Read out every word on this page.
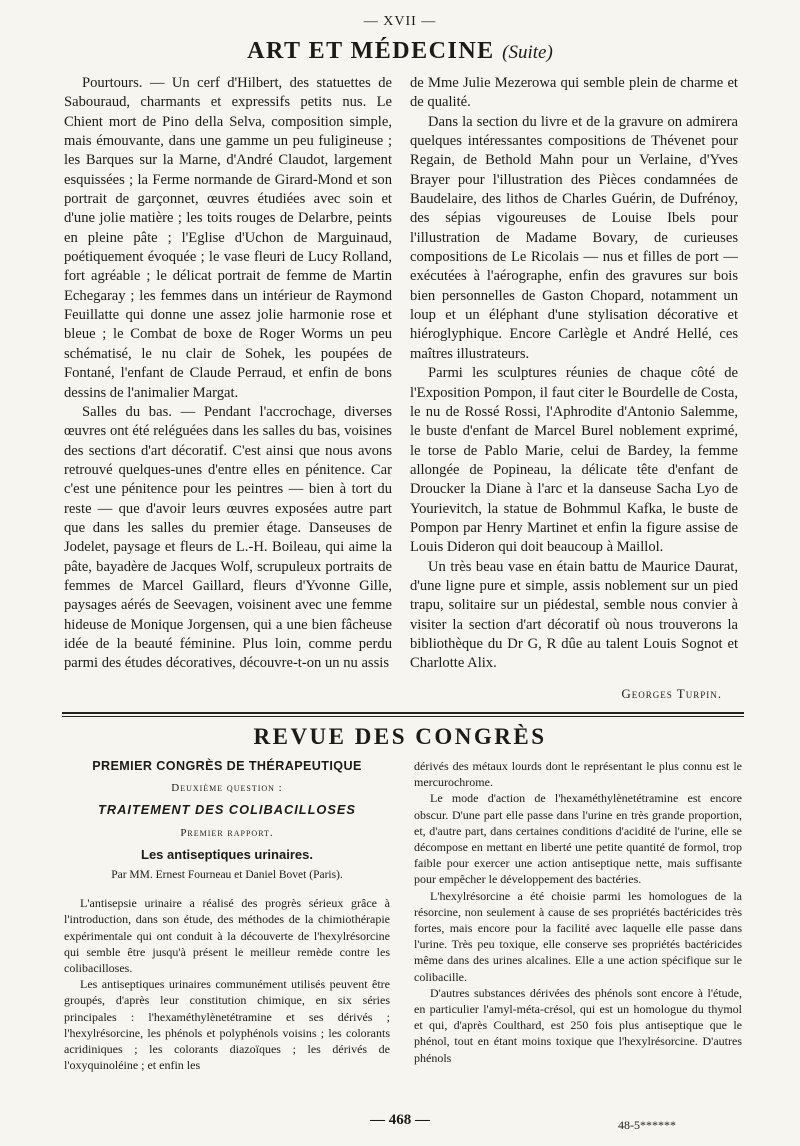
— XVII —
ART ET MÉDECINE (Suite)

Pourtours. — Un cerf d'Hilbert, des statuettes de Sabouraud, charmants et expressifs petits nus. Le Chient mort de Pino della Selva, composition simple, mais émouvante, dans une gamme un peu fuligineuse ; les Barques sur la Marne, d'André Claudot, largement esquissées ; la Ferme normande de Girard-Mond et son portrait de garçonnet, œuvres étudiées avec soin et d'une jolie matière ; les toits rouges de Delarbre, peints en pleine pâte ; l'Eglise d'Uchon de Marguinaud, poétiquement évoquée ; le vase fleuri de Lucy Rolland, fort agréable ; le délicat portrait de femme de Martin Echegaray ; les femmes dans un intérieur de Raymond Feuillatte qui donne une assez jolie harmonie rose et bleue ; le Combat de boxe de Roger Worms un peu schématisé, le nu clair de Sohek, les poupées de Fontané, l'enfant de Claude Perraud, et enfin de bons dessins de l'animalier Margat.

Salles du bas. — Pendant l'accrochage, diverses œuvres ont été reléguées dans les salles du bas, voisines des sections d'art décoratif. C'est ainsi que nous avons retrouvé quelques-unes d'entre elles en pénitence. Car c'est une pénitence pour les peintres — bien à tort du reste — que d'avoir leurs œuvres exposées autre part que dans les salles du premier étage. Danseuses de Jodelet, paysage et fleurs de L.-H. Boileau, qui aime la pâte, bayadère de Jacques Wolf, scrupuleux portraits de femmes de Marcel Gaillard, fleurs d'Yvonne Gille, paysages aérés de Seevagen, voisinent avec une femme hideuse de Monique Jorgensen, qui a une bien fâcheuse idée de la beauté féminine. Plus loin, comme perdu parmi des études décoratives, découvre-t-on un nu assis

de Mme Julie Mezerowa qui semble plein de charme et de qualité.

Dans la section du livre et de la gravure on admirera quelques intéressantes compositions de Thévenet pour Regain, de Bethold Mahn pour un Verlaine, d'Yves Brayer pour l'illustration des Pièces condamnées de Baudelaire, des lithos de Charles Guérin, de Dufrénoy, des sépias vigoureuses de Louise Ibels pour l'illustration de Madame Bovary, de curieuses compositions de Le Ricolais — nus et filles de port — exécutées à l'aérographe, enfin des gravures sur bois bien personnelles de Gaston Chopard, notamment un loup et un éléphant d'une stylisation décorative et hiéroglyphique. Encore Carlègle et André Hellé, ces maîtres illustrateurs.

Parmi les sculptures réunies de chaque côté de l'Exposition Pompon, il faut citer le Bourdelle de Costa, le nu de Rossé Rossi, l'Aphrodite d'Antonio Salemme, le buste d'enfant de Marcel Burel noblement exprimé, le torse de Pablo Marie, celui de Bardey, la femme allongée de Popineau, la délicate tête d'enfant de Droucker la Diane à l'arc et la danseuse Sacha Lyo de Yourievitch, la statue de Bohmmul Kafka, le buste de Pompon par Henry Martinet et enfin la figure assise de Louis Dideron qui doit beaucoup à Maillol.

Un très beau vase en étain battu de Maurice Daurat, d'une ligne pure et simple, assis noblement sur un pied trapu, solitaire sur un piédestal, semble nous convier à visiter la section d'art décoratif où nous trouverons la bibliothèque du Dr G, R dûe au talent Louis Sognot et Charlotte Alix.

Georges Turpin.

REVUE DES CONGRÈS

PREMIER CONGRÈS DE THÉRAPEUTIQUE

Deuxième question :

TRAITEMENT DES COLIBACILLOSES

Premier rapport.

Les antiseptiques urinaires.

Par MM. Ernest Fourneau et Daniel Bovet (Paris).

L'antisepsie urinaire a réalisé des progrès sérieux grâce à l'introduction, dans son étude, des méthodes de la chimiothérapie expérimentale qui ont conduit à la découverte de l'hexylrésorcine qui semble être jusqu'à présent le meilleur remède contre les colibacilloses.

Les antiseptiques urinaires communément utilisés peuvent être groupés, d'après leur constitution chimique, en six séries principales : l'hexaméthylènetétramine et ses dérivés ; l'hexylrésorcine, les phénols et polyphénols voisins ; les colorants acridiniques ; les colorants diazoïques ; les dérivés de l'oxyquinoléine ; et enfin les

dérivés des métaux lourds dont le représentant le plus connu est le mercurochrome.

Le mode d'action de l'hexaméthylènetétramine est encore obscur. D'une part elle passe dans l'urine en très grande proportion, et, d'autre part, dans certaines conditions d'acidité de l'urine, elle se décompose en mettant en liberté une petite quantité de formol, trop faible pour exercer une action antiseptique nette, mais suffisante pour empêcher le développement des bactéries.

L'hexylrésorcine a été choisie parmi les homologues de la résorcine, non seulement à cause de ses propriétés bactéricides très fortes, mais encore pour la facilité avec laquelle elle passe dans l'urine. Très peu toxique, elle conserve ses propriétés bactéricides même dans des urines alcalines. Elle a une action spécifique sur le colibacille.

D'autres substances dérivées des phénols sont encore à l'étude, en particulier l'amyl-méta-crésol, qui est un homologue du thymol et qui, d'après Coulthard, est 250 fois plus antiseptique que le phénol, tout en étant moins toxique que l'hexylrésorcine. D'autres phénols

— 468 —	48-5******
